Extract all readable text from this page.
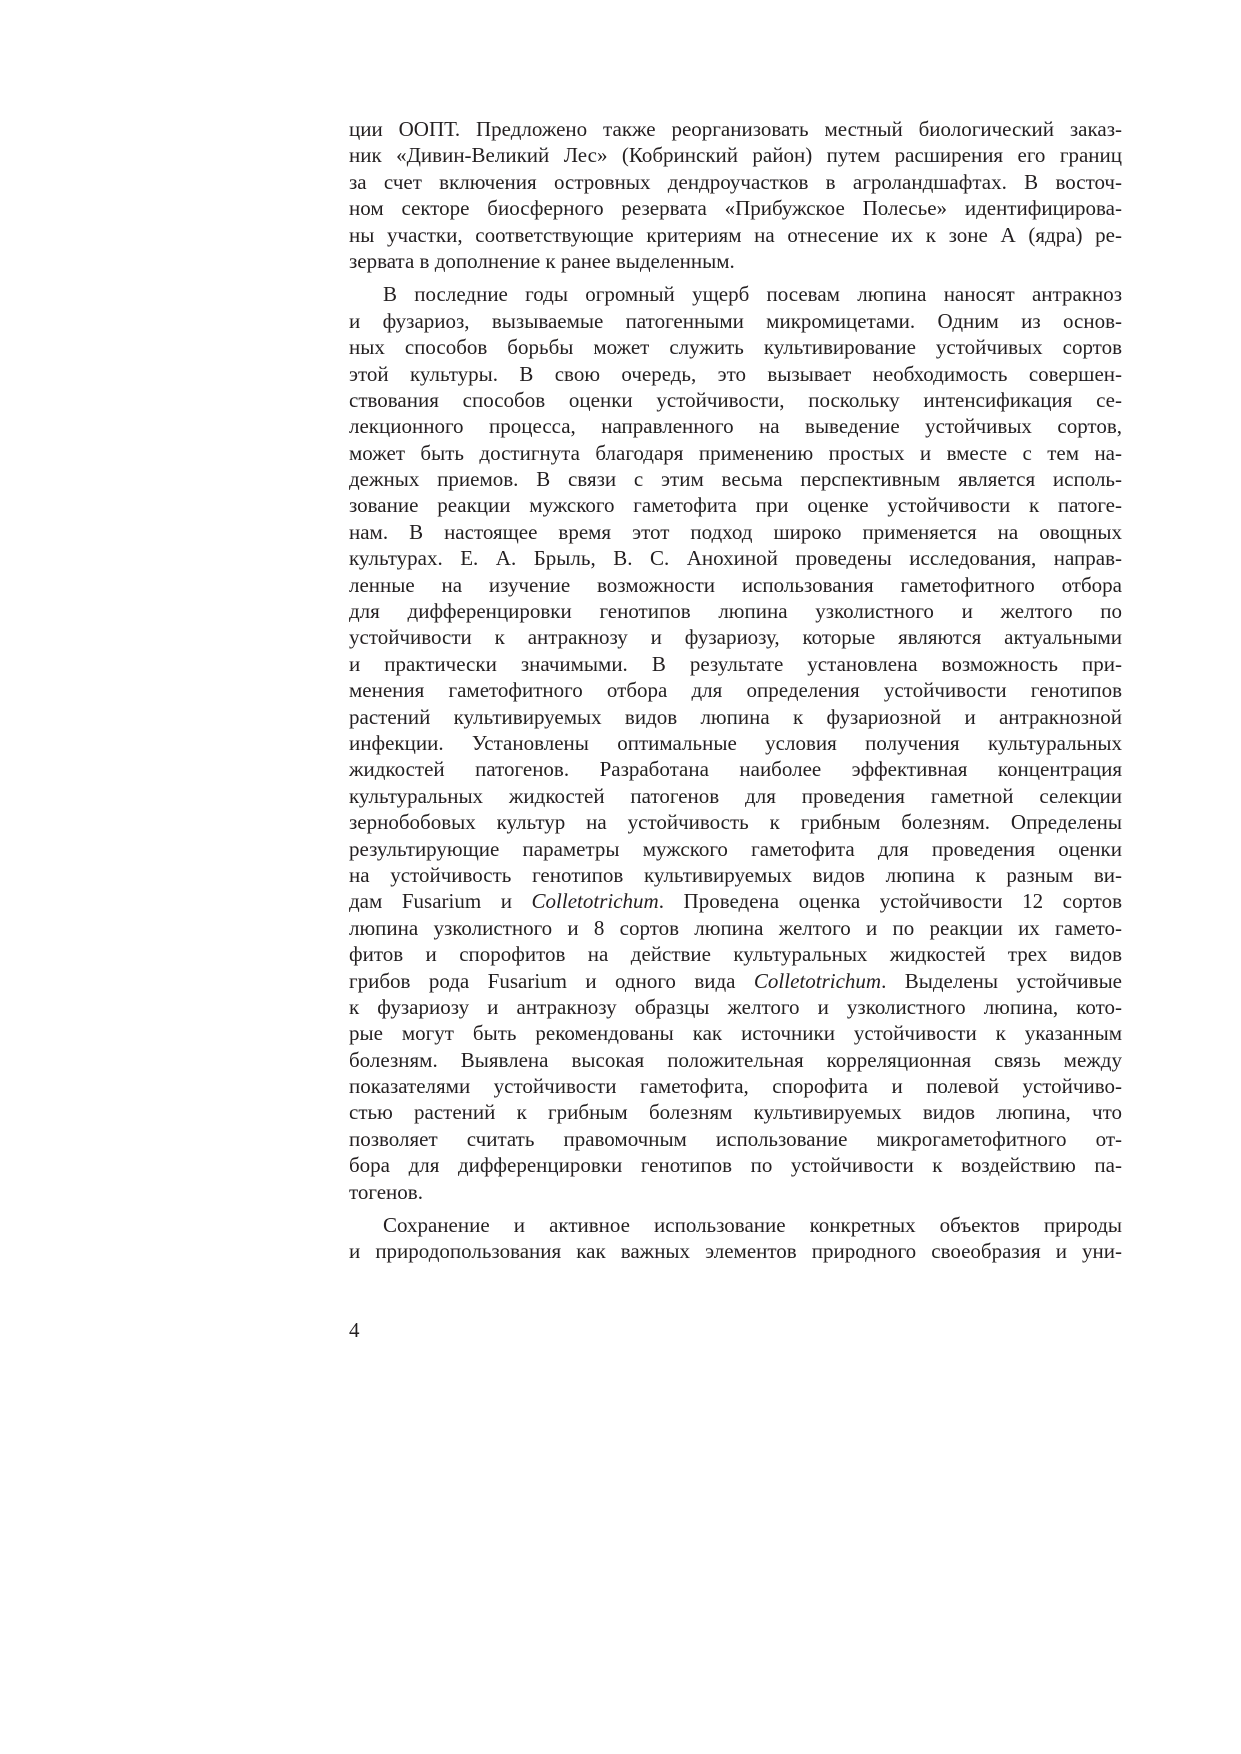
ции ООПТ. Предложено также реорганизовать местный биологический заказ-
ник «Дивин-Великий Лес» (Кобринский район) путем расширения его границ
за счет включения островных дендроучастков в агроландшафтах. В восточ-
ном секторе биосферного резервата «Прибужское Полесье» идентифицирова-
ны участки, соответствующие критериям на отнесение их к зоне А (ядра) ре-
зервата в дополнение к ранее выделенным.
В последние годы огромный ущерб посевам люпина наносят антракноз
и фузариоз, вызываемые патогенными микромицетами. Одним из основ-
ных способов борьбы может служить культивирование устойчивых сортов
этой культуры. В свою очередь, это вызывает необходимость совершен-
ствования способов оценки устойчивости, поскольку интенсификация се-
лекционного процесса, направленного на выведение устойчивых сортов,
может быть достигнута благодаря применению простых и вместе с тем на-
дежных приемов. В связи с этим весьма перспективным является исполь-
зование реакции мужского гаметофита при оценке устойчивости к патоге-
нам. В настоящее время этот подход широко применяется на овощных
культурах. Е. А. Брыль, В. С. Анохиной проведены исследования, направ-
ленные на изучение возможности использования гаметофитного отбора
для дифференцировки генотипов люпина узколистного и желтого по
устойчивости к антракнозу и фузариозу, которые являются актуальными
и практически значимыми. В результате установлена возможность при-
менения гаметофитного отбора для определения устойчивости генотипов
растений культивируемых видов люпина к фузариозной и антракнозной
инфекции. Установлены оптимальные условия получения культуральных
жидкостей патогенов. Разработана наиболее эффективная концентрация
культуральных жидкостей патогенов для проведения гаметной селекции
зернобобовых культур на устойчивость к грибным болезням. Определены
результирующие параметры мужского гаметофита для проведения оценки
на устойчивость генотипов культивируемых видов люпина к разным ви-
дам Fusarium и Colletotrichum. Проведена оценка устойчивости 12 сортов
люпина узколистного и 8 сортов люпина желтого и по реакции их гамето-
фитов и спорофитов на действие культуральных жидкостей трех видов
грибов рода Fusarium и одного вида Colletotrichum. Выделены устойчивые
к фузариозу и антракнозу образцы желтого и узколистного люпина, кото-
рые могут быть рекомендованы как источники устойчивости к указанным
болезням. Выявлена высокая положительная корреляционная связь между
показателями устойчивости гаметофита, спорофита и полевой устойчиво-
стью растений к грибным болезням культивируемых видов люпина, что
позволяет считать правомочным использование микрогаметофитного от-
бора для дифференцировки генотипов по устойчивости к воздействию па-
тогенов.
Сохранение и активное использование конкретных объектов природы
и природопользования как важных элементов природного своеобразия и уни-
4
